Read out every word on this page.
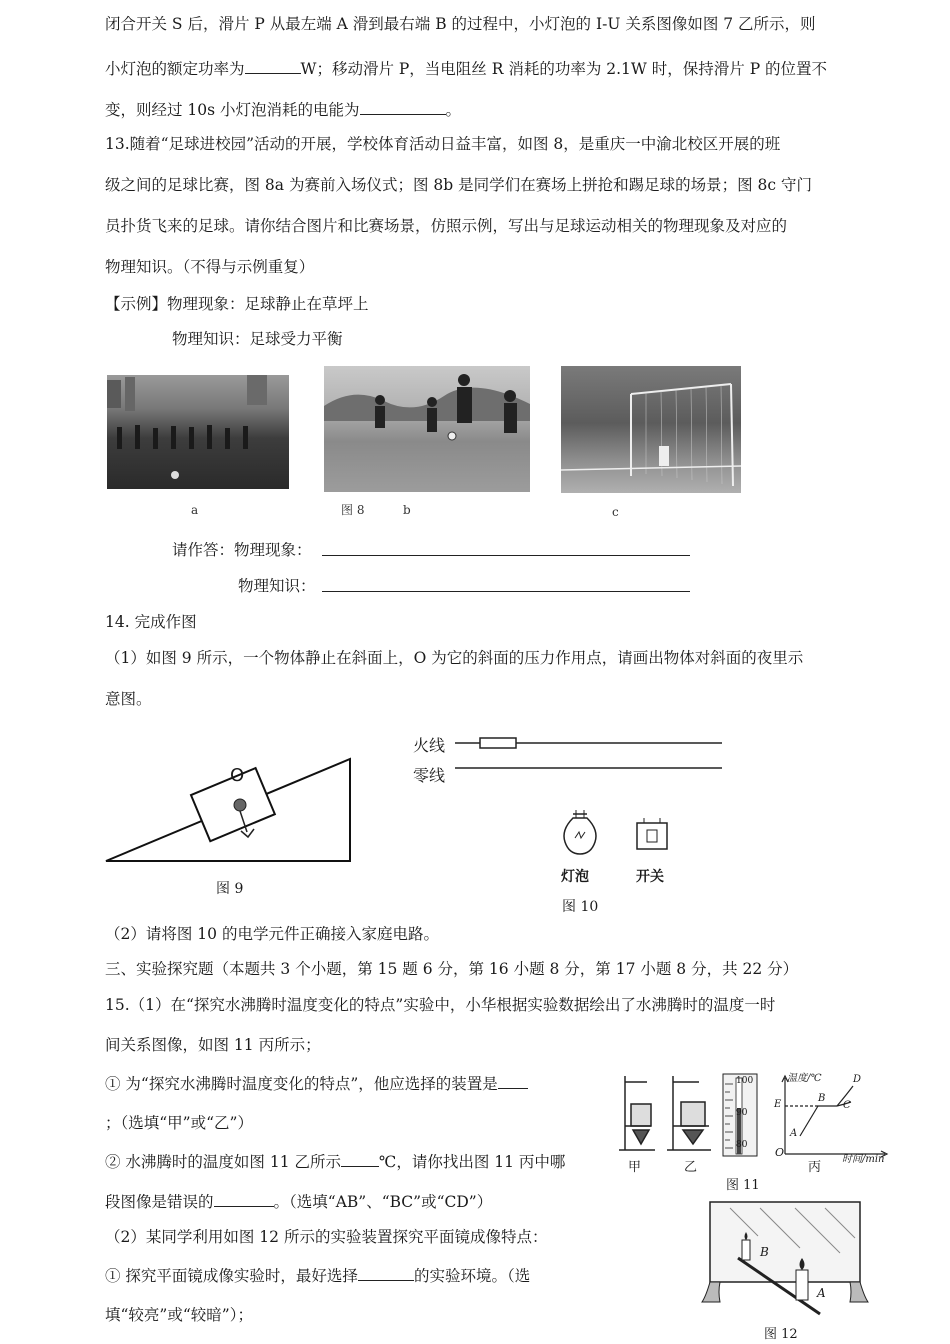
闭合开关 S 后，滑片 P 从最左端 A 滑到最右端 B 的过程中，小灯泡的 I-U 关系图像如图 7 乙所示，则
小灯泡的额定功率为	W；移动滑片 P，当电阻丝 R 消耗的功率为 2.1W 时，保持滑片 P 的位置不
变，则经过 10s 小灯泡消耗的电能为	。
13.随着“足球进校园”活动的开展，学校体育活动日益丰富，如图 8，是重庆一中渝北校区开展的班
级之间的足球比赛，图 8a 为赛前入场仪式；图 8b 是同学们在赛场上拼抢和踢足球的场景；图 8c 守门
员扑货飞来的足球。请你结合图片和比赛场景，仿照示例，写出与足球运动相关的物理现象及对应的
物理知识。（不得与示例重复）
【示例】物理现象：足球静止在草坪上
物理知识：足球受力平衡
a	图 8	b	c
请作答：物理现象：
物理知识：
14. 完成作图
（1）如图 9 所示，一个物体静止在斜面上，O 为它的斜面的压力作用点，请画出物体对斜面的夜里示
意图。
O
图 9
火线
零线
灯泡	开关
图 10
（2）请将图 10 的电学元件正确接入家庭电路。
三、实验探究题（本题共 3 个小题，第 15 题 6 分，第 16 小题 8 分，第 17 小题 8 分，共 22 分）
15.（1）在“探究水沸腾时温度变化的特点”实验中，小华根据实验数据绘出了水沸腾时的温度一时
间关系图像，如图 11 丙所示；
① 为“探究水沸腾时温度变化的特点”，他应选择的装置是
；（选填“甲”或“乙”）
② 水沸腾时的温度如图 11 乙所示 ℃，请你找出图 11 丙中哪
段图像是错误的	。（选填“AB”、“BC”或“CD”）
（2）某同学利用如图 12 所示的实验装置探究平面镜成像特点：
① 探究平面镜成像实验时，最好选择	的实验环境。（选
填“较亮”或“较暗”）；
100
90
80
温度/℃
时间/min
O
E
A
B
C
D
甲	乙	丙
图 11
B
A
图 12
